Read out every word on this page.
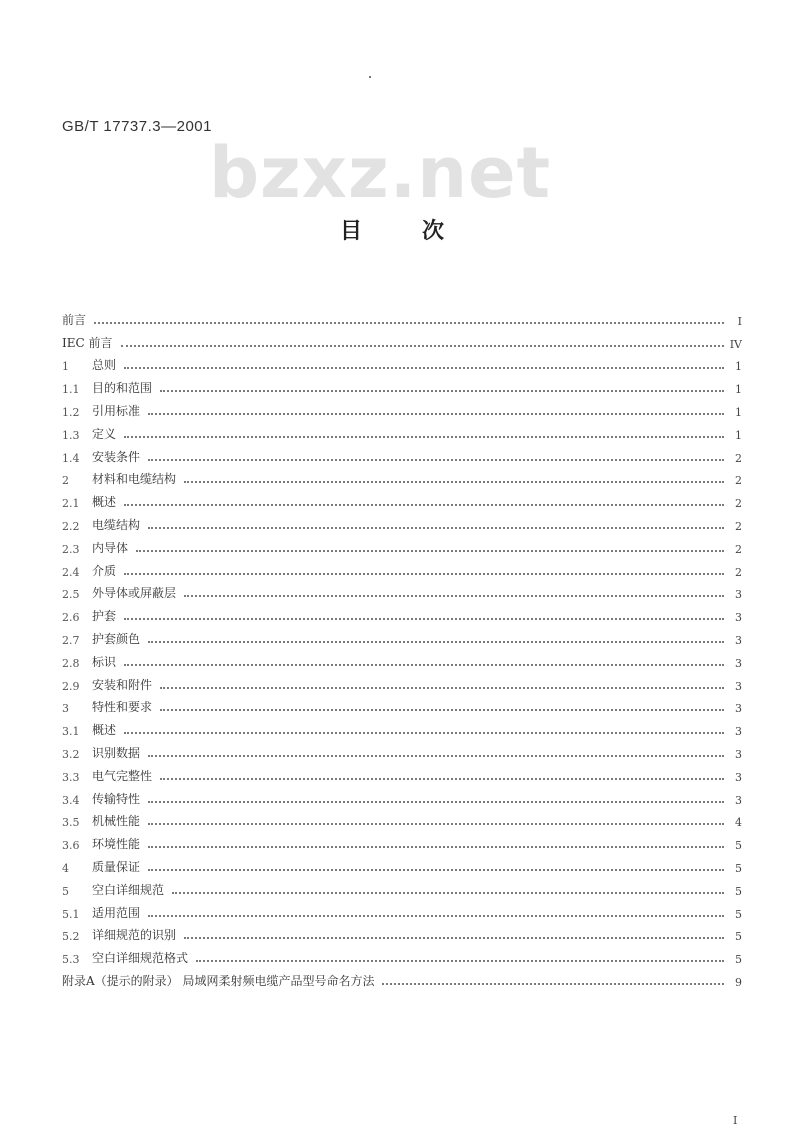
GB/T 17737.3—2001
bzxz.net
目次
前言	I
IEC 前言	IV
1	总则	1
1.1	目的和范围	1
1.2	引用标准	1
1.3	定义	1
1.4	安装条件	2
2	材料和电缆结构	2
2.1	概述	2
2.2	电缆结构	2
2.3	内导体	2
2.4	介质	2
2.5	外导体或屏蔽层	3
2.6	护套	3
2.7	护套颜色	3
2.8	标识	3
2.9	安装和附件	3
3	特性和要求	3
3.1	概述	3
3.2	识别数据	3
3.3	电气完整性	3
3.4	传输特性	3
3.5	机械性能	4
3.6	环境性能	5
4	质量保证	5
5	空白详细规范	5
5.1	适用范围	5
5.2	详细规范的识别	5
5.3	空白详细规范格式	5
附录A（提示的附录） 局域网柔射频电缆产品型号命名方法	9
I
